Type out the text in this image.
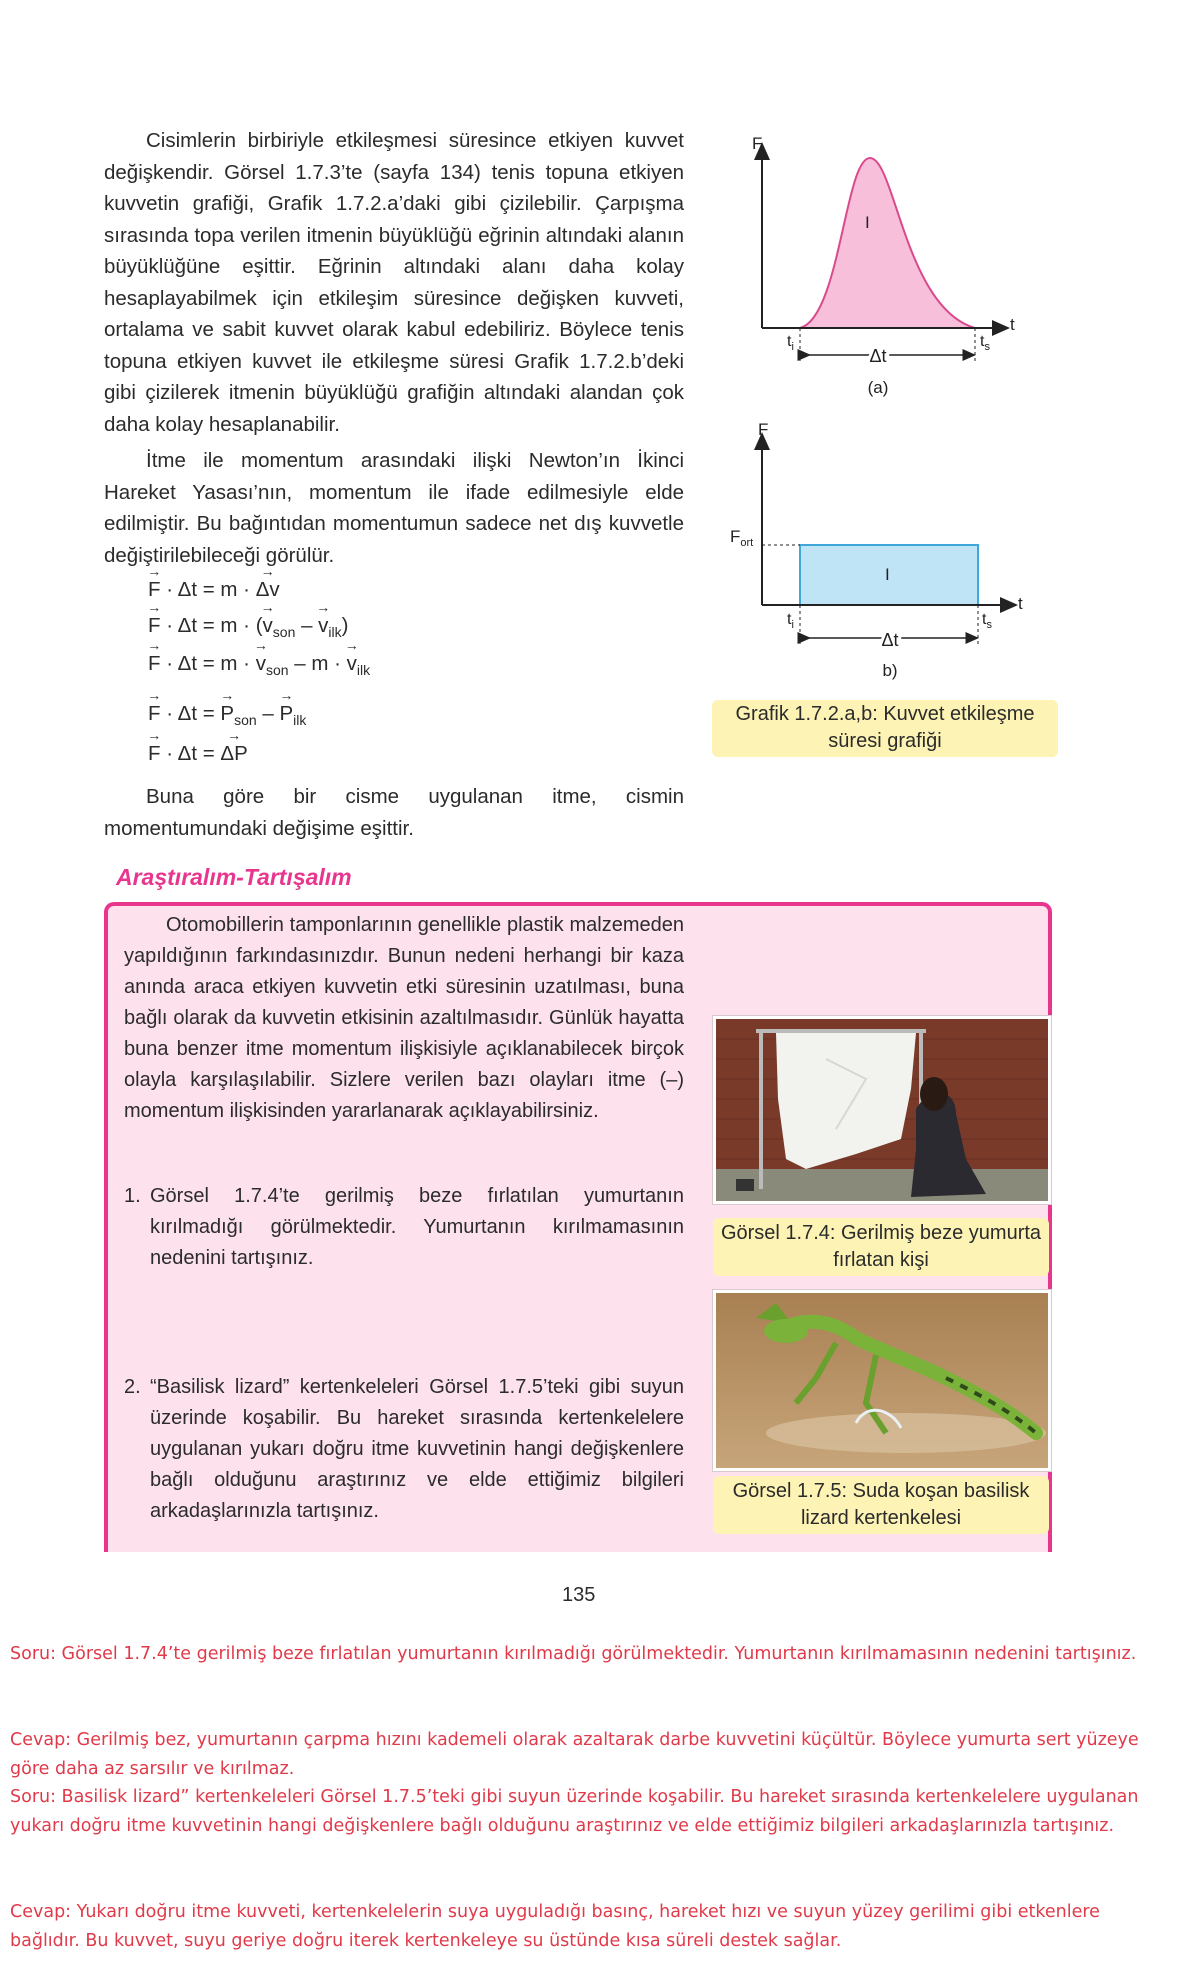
Cisimlerin birbiriyle etkileşmesi süresince etkiyen kuvvet değişkendir. Görsel 1.7.3’te (sayfa 134) tenis topuna etkiyen kuvvetin grafiği, Grafik 1.7.2.a’daki gibi çizilebilir. Çarpışma sırasında topa verilen itmenin büyüklüğü eğrinin altındaki alanın büyüklüğüne eşittir. Eğrinin altındaki alanı daha kolay hesaplayabilmek için etkileşim süresince değişken kuvveti, ortalama ve sabit kuvvet olarak kabul edebiliriz. Böylece tenis topuna etkiyen kuvvet ile etkileşme süresi Grafik 1.7.2.b’deki gibi çizilerek itmenin büyüklüğü grafiğin altındaki alandan çok daha kolay hesaplanabilir.

İtme ile momentum arasındaki ilişki Newton’ın İkinci Hareket Yasası’nın, momentum ile ifade edilmesiyle elde edilmiştir. Bu bağıntıdan momentumun sadece net dış kuvvetle değiştirilebileceği görülür.

→ F · Δt = m · → Δv
→ F · Δt = m · (→ $v_{son}$ – → $v_{ilk}$)
→ F · Δt = m · → $v_{son}$ – m · → $v_{ilk}$
→ F · Δt = → $P_{son}$ – → $P_{ilk}$
→ F · Δt = → ΔP

Buna göre bir cisme uygulanan itme, cismin momentumundaki değişime eşittir.

F
t
I
$t_i$	$t_s$
Δt
(a)
F
$F_{ort}$
t
I
$t_i$	$t_s$
Δt
b)
Grafik 1.7.2.a,b: Kuvvet etkileşme süresi grafiği
Araştıralım-Tartışalım

Otomobillerin tamponlarının genellikle plastik malzemeden yapıldığının farkındasınızdır. Bunun nedeni herhangi bir kaza anında araca etkiyen kuvvetin etki süresinin uzatılması, buna bağlı olarak da kuvvetin etkisinin azaltılmasıdır. Günlük hayatta buna benzer itme momentum ilişkisiyle açıklanabilecek birçok olayla karşılaşılabilir. Sizlere verilen bazı olayları itme (–) momentum ilişkisinden yararlanarak açıklayabilirsiniz.

1. Görsel 1.7.4’te gerilmiş beze fırlatılan yumurtanın kırılmadığı görülmektedir. Yumurtanın kırılmamasının nedenini tartışınız.

2. “Basilisk lizard” kertenkeleleri Görsel 1.7.5’teki gibi suyun üzerinde koşabilir. Bu hareket sırasında kertenkelelere uygulanan yukarı doğru itme kuvvetinin hangi değişkenlere bağlı olduğunu araştırınız ve elde ettiğimiz bilgileri arkadaşlarınızla tartışınız.

Görsel 1.7.4: Gerilmiş beze yumurta fırlatan kişi
Görsel 1.7.5: Suda koşan basilisk lizard kertenkelesi
135
Soru: Görsel 1.7.4’te gerilmiş beze fırlatılan yumurtanın kırılmadığı görülmektedir. Yumurtanın kırılmamasının nedenini tartışınız.
Cevap: Gerilmiş bez, yumurtanın çarpma hızını kademeli olarak azaltarak darbe kuvvetini küçültür. Böylece yumurta sert yüzeye göre daha az sarsılır ve kırılmaz.
Soru: Basilisk lizard” kertenkeleleri Görsel 1.7.5’teki gibi suyun üzerinde koşabilir. Bu hareket sırasında kertenkelelere uygulanan yukarı doğru itme kuvvetinin hangi değişkenlere bağlı olduğunu araştırınız ve elde ettiğimiz bilgileri arkadaşlarınızla tartışınız.
Cevap: Yukarı doğru itme kuvveti, kertenkelelerin suya uyguladığı basınç, hareket hızı ve suyun yüzey gerilimi gibi etkenlere bağlıdır. Bu kuvvet, suyu geriye doğru iterek kertenkeleye su üstünde kısa süreli destek sağlar.
